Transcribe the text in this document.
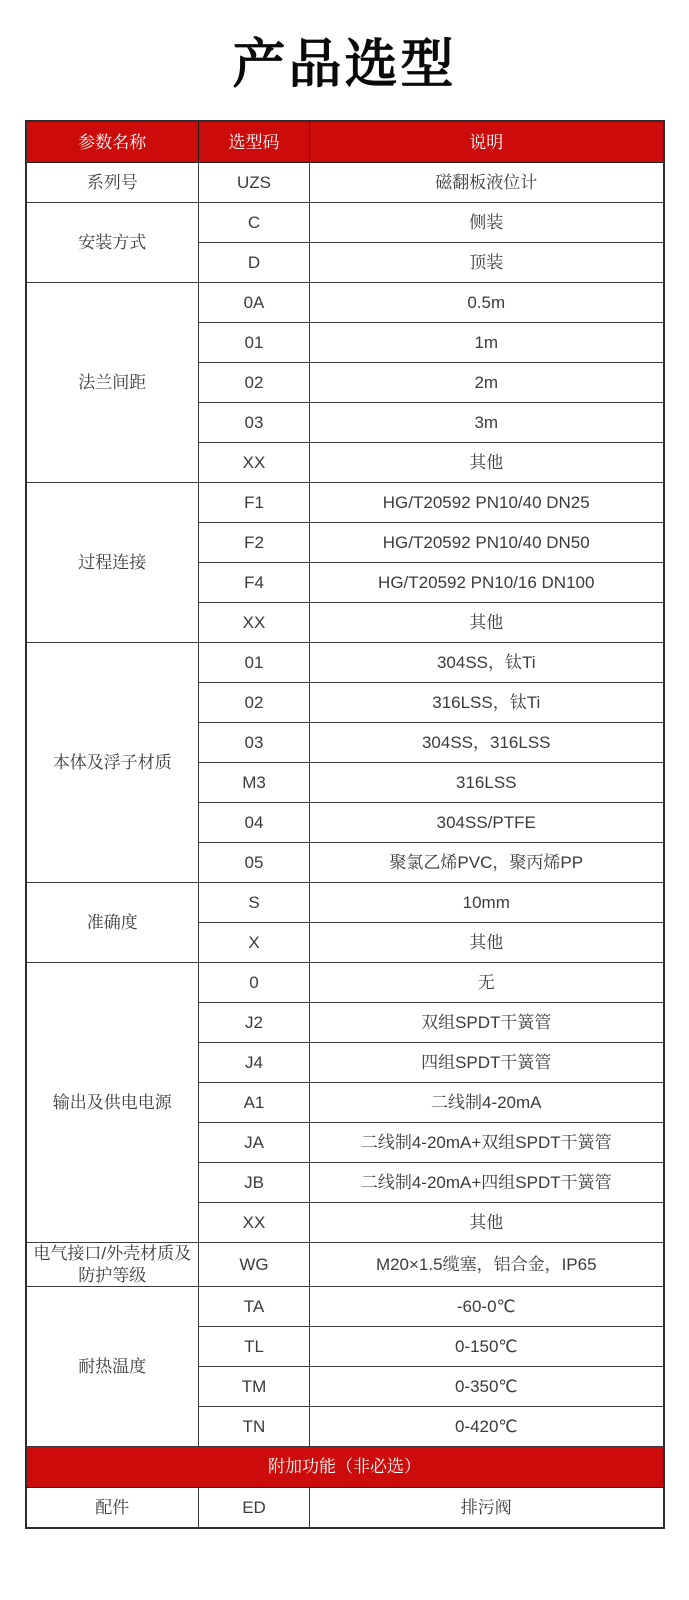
产品选型
参数名称	选型码	说明
系列号	UZS	磁翻板液位计
安装方式	C	侧装
	D	顶装
法兰间距	0A	0.5m
	01	1m
	02	2m
	03	3m
	XX	其他
过程连接	F1	HG/T20592 PN10/40 DN25
	F2	HG/T20592 PN10/40 DN50
	F4	HG/T20592 PN10/16 DN100
	XX	其他
本体及浮子材质	01	304SS，钛Ti
	02	316LSS，钛Ti
	03	304SS，316LSS
	M3	316LSS
	04	304SS/PTFE
	05	聚氯乙烯PVC，聚丙烯PP
准确度	S	10mm
	X	其他
输出及供电电源	0	无
	J2	双组SPDT干簧管
	J4	四组SPDT干簧管
	A1	二线制4-20mA
	JA	二线制4-20mA+双组SPDT干簧管
	JB	二线制4-20mA+四组SPDT干簧管
	XX	其他
电气接口/外壳材质及防护等级	WG	M20×1.5缆塞，铝合金，IP65
耐热温度	TA	-60-0℃
	TL	0-150℃
	TM	0-350℃
	TN	0-420℃
附加功能（非必选）		
配件	ED	排污阀
